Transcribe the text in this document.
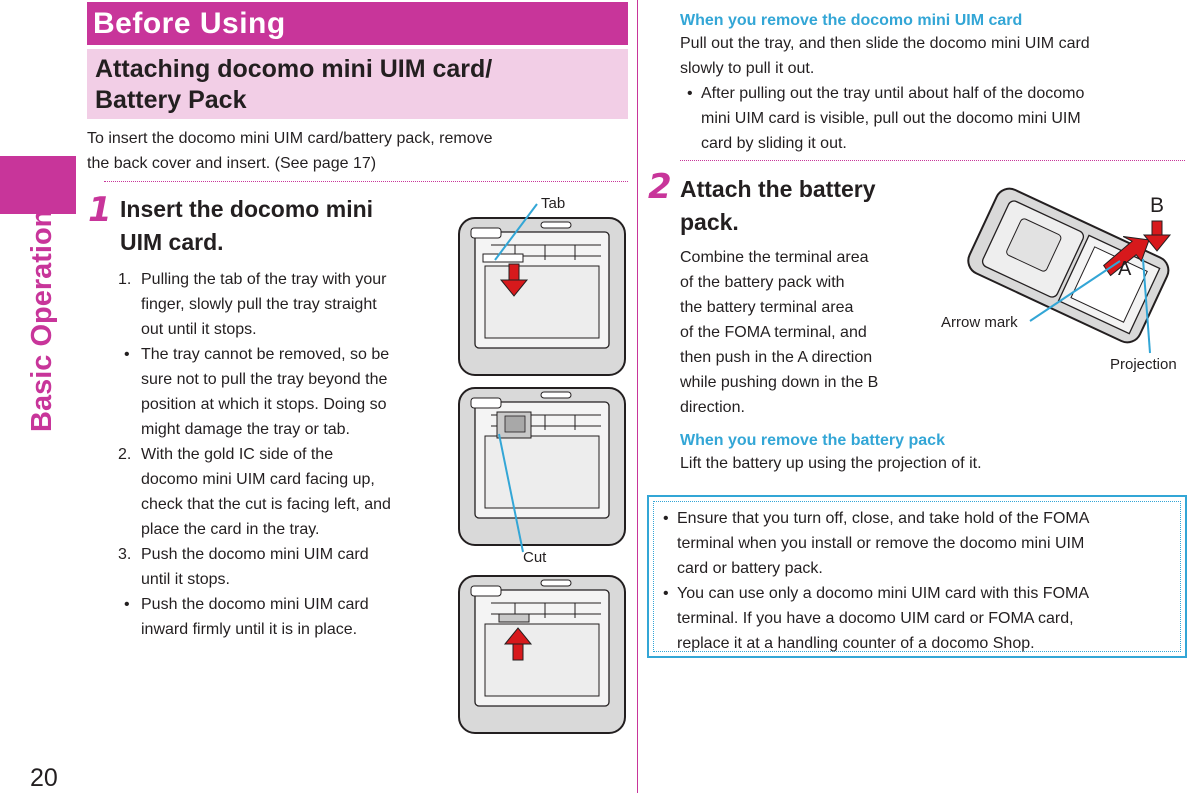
Basic Operation
20
Before Using
Attaching docomo mini UIM card/
Battery Pack
To insert the docomo mini UIM card/battery pack, remove
the back cover and insert. (See page 17)
1 Insert the docomo mini
UIM card.
1. Pulling the tab of the tray with your
finger, slowly pull the tray straight
out until it stops.
• The tray cannot be removed, so be
sure not to pull the tray beyond the
position at which it stops. Doing so
might damage the tray or tab.
2. With the gold IC side of the
docomo mini UIM card facing up,
check that the cut is facing left, and
place the card in the tray.
3. Push the docomo mini UIM card
until it stops.
• Push the docomo mini UIM card
inward firmly until it is in place.
Tab
Cut
When you remove the docomo mini UIM card
Pull out the tray, and then slide the docomo mini UIM card
slowly to pull it out.
• After pulling out the tray until about half of the docomo
mini UIM card is visible, pull out the docomo mini UIM
card by sliding it out.
2 Attach the battery
pack.
Combine the terminal area
of the battery pack with
the battery terminal area
of the FOMA terminal, and
then push in the A direction
while pushing down in the B
direction.
B
A
Arrow mark
Projection
When you remove the battery pack
Lift the battery up using the projection of it.
• Ensure that you turn off, close, and take hold of the FOMA
terminal when you install or remove the docomo mini UIM
card or battery pack.
• You can use only a docomo mini UIM card with this FOMA
terminal. If you have a docomo UIM card or FOMA card,
replace it at a handling counter of a docomo Shop.
